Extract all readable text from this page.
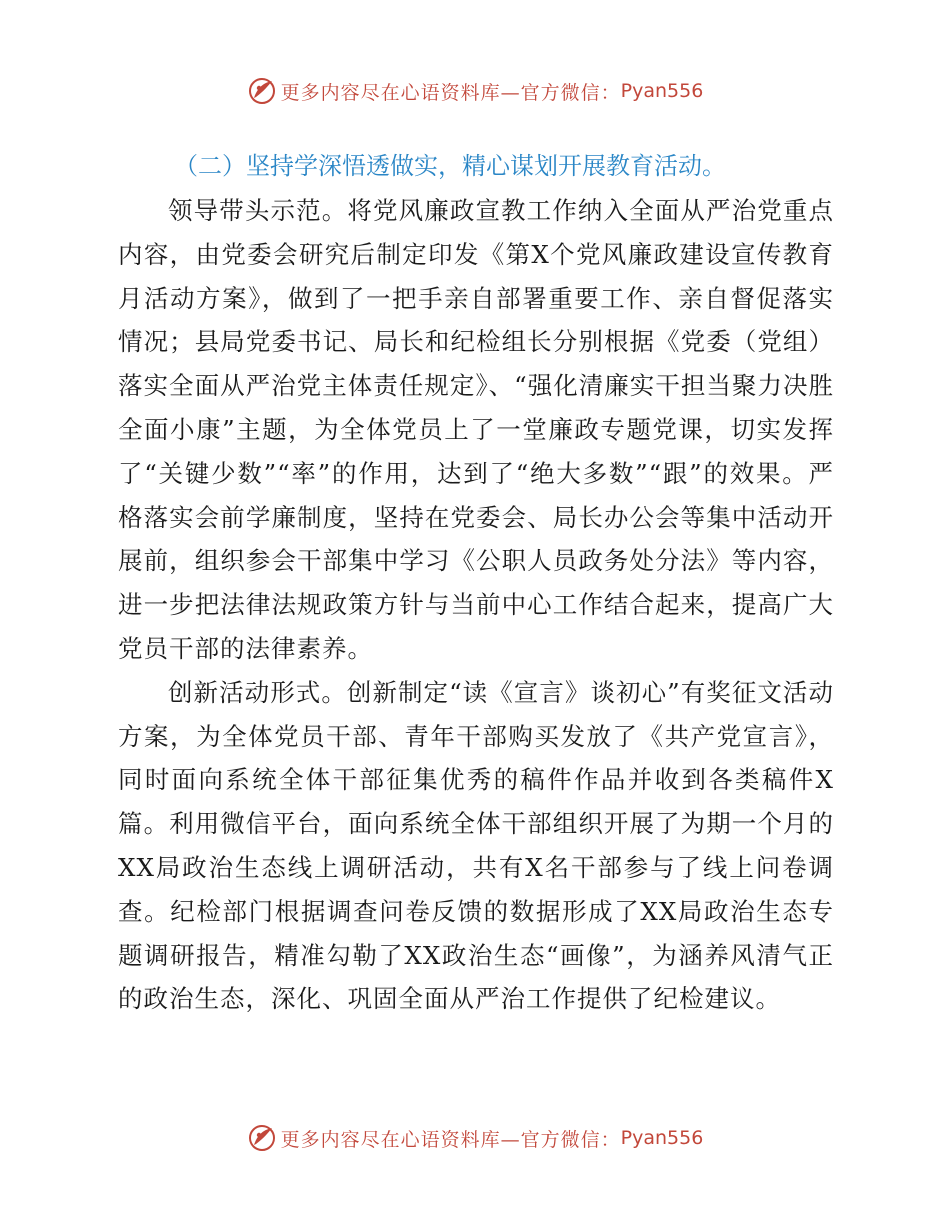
更多内容尽在心语资料库—官方微信： Pyan556
（二）坚持学深悟透做实，精心谋划开展教育活动。

领导带头示范。将党风廉政宣教工作纳入全面从严治党重点内容，由党委会研究后制定印发《第X个党风廉政建设宣传教育月活动方案》，做到了一把手亲自部署重要工作、亲自督促落实情况；县局党委书记、局长和纪检组长分别根据《党委（党组）落实全面从严治党主体责任规定》、“强化清廉实干担当聚力决胜全面小康”主题，为全体党员上了一堂廉政专题党课，切实发挥了“关键少数”“率”的作用，达到了“绝大多数”“跟”的效果。严格落实会前学廉制度，坚持在党委会、局长办公会等集中活动开展前，组织参会干部集中学习《公职人员政务处分法》等内容，进一步把法律法规政策方针与当前中心工作结合起来，提高广大党员干部的法律素养。

创新活动形式。创新制定“读《宣言》谈初心”有奖征文活动方案，为全体党员干部、青年干部购买发放了《共产党宣言》，同时面向系统全体干部征集优秀的稿件作品并收到各类稿件X篇。利用微信平台，面向系统全体干部组织开展了为期一个月的XX局政治生态线上调研活动，共有X名干部参与了线上问卷调查。纪检部门根据调查问卷反馈的数据形成了XX局政治生态专题调研报告，精准勾勒了XX政治生态“画像”，为涵养风清气正的政治生态，深化、巩固全面从严治工作提供了纪检建议。

更多内容尽在心语资料库—官方微信： Pyan556
